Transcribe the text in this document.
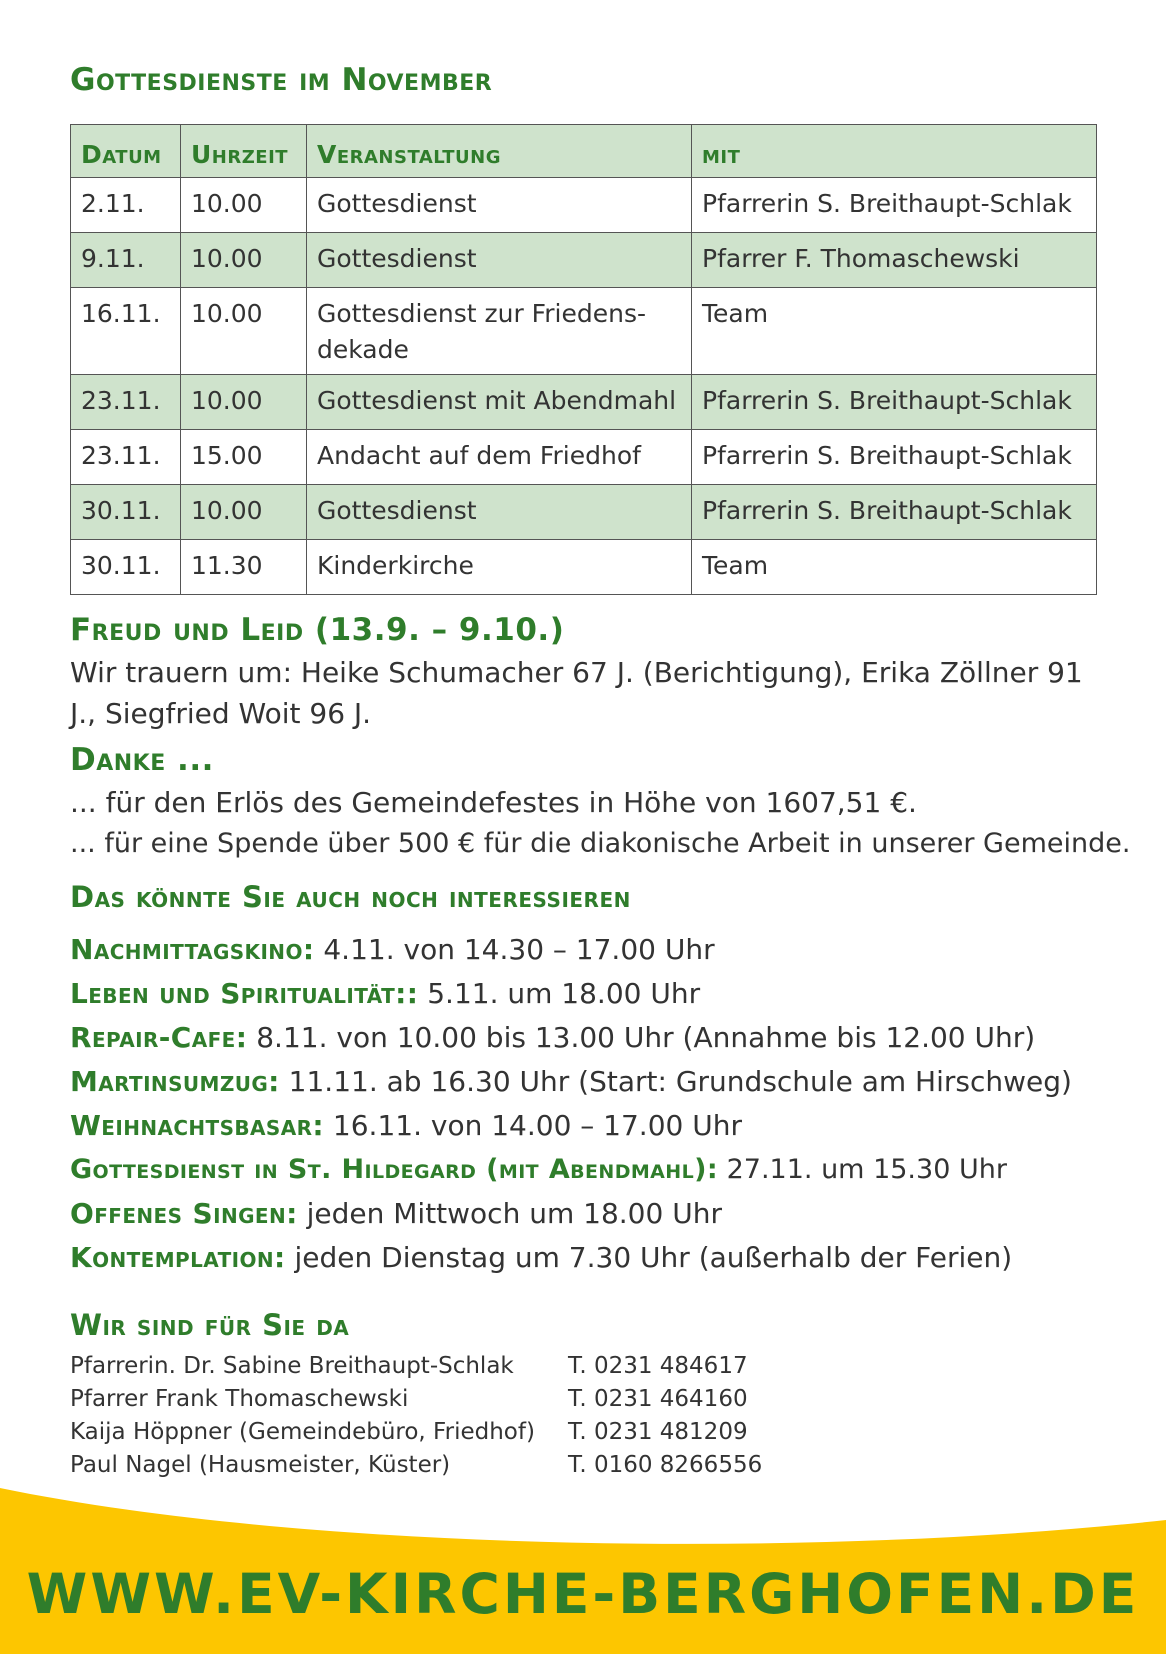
Gottesdienste im November
Datum	Uhrzeit	Veranstaltung	mit
2.11.	10.00	Gottesdienst	Pfarrerin S. Breithaupt-Schlak
9.11.	10.00	Gottesdienst	Pfarrer F. Thomaschewski
16.11.	10.00	Gottesdienst zur Friedens-dekade	Team
23.11.	10.00	Gottesdienst mit Abendmahl	Pfarrerin S. Breithaupt-Schlak
23.11.	15.00	Andacht auf dem Friedhof	Pfarrerin S. Breithaupt-Schlak
30.11.	10.00	Gottesdienst	Pfarrerin S. Breithaupt-Schlak
30.11.	11.30	Kinderkirche	Team
Freud und Leid (13.9. – 9.10.)
Wir trauern um: Heike Schumacher 67 J. (Berichtigung), Erika Zöllner 91 J., Siegfried Woit 96 J.
Danke ...
... für den Erlös des Gemeindefestes in Höhe von 1607,51 €.
... für eine Spende über 500 € für die diakonische Arbeit in unserer Gemeinde.
Das könnte Sie auch noch interessieren
Nachmittagskino: 4.11. von 14.30 – 17.00 Uhr
Leben und Spiritualität:: 5.11. um 18.00 Uhr
Repair-Cafe: 8.11. von 10.00 bis 13.00 Uhr (Annahme bis 12.00 Uhr)
Martinsumzug: 11.11. ab 16.30 Uhr (Start: Grundschule am Hirschweg)
Weihnachtsbasar: 16.11. von 14.00 – 17.00 Uhr
Gottesdienst in St. Hildegard (mit Abendmahl): 27.11. um 15.30 Uhr
Offenes Singen: jeden Mittwoch um 18.00 Uhr
Kontemplation: jeden Dienstag um 7.30 Uhr (außerhalb der Ferien)
Wir sind für Sie da
Pfarrerin. Dr. Sabine Breithaupt-Schlak	T. 0231 484617
Pfarrer Frank Thomaschewski	T. 0231 464160
Kaija Höppner (Gemeindebüro, Friedhof)	T. 0231 481209
Paul Nagel (Hausmeister, Küster)	T. 0160 8266556
WWW.EV-KIRCHE-BERGHOFEN.DE
